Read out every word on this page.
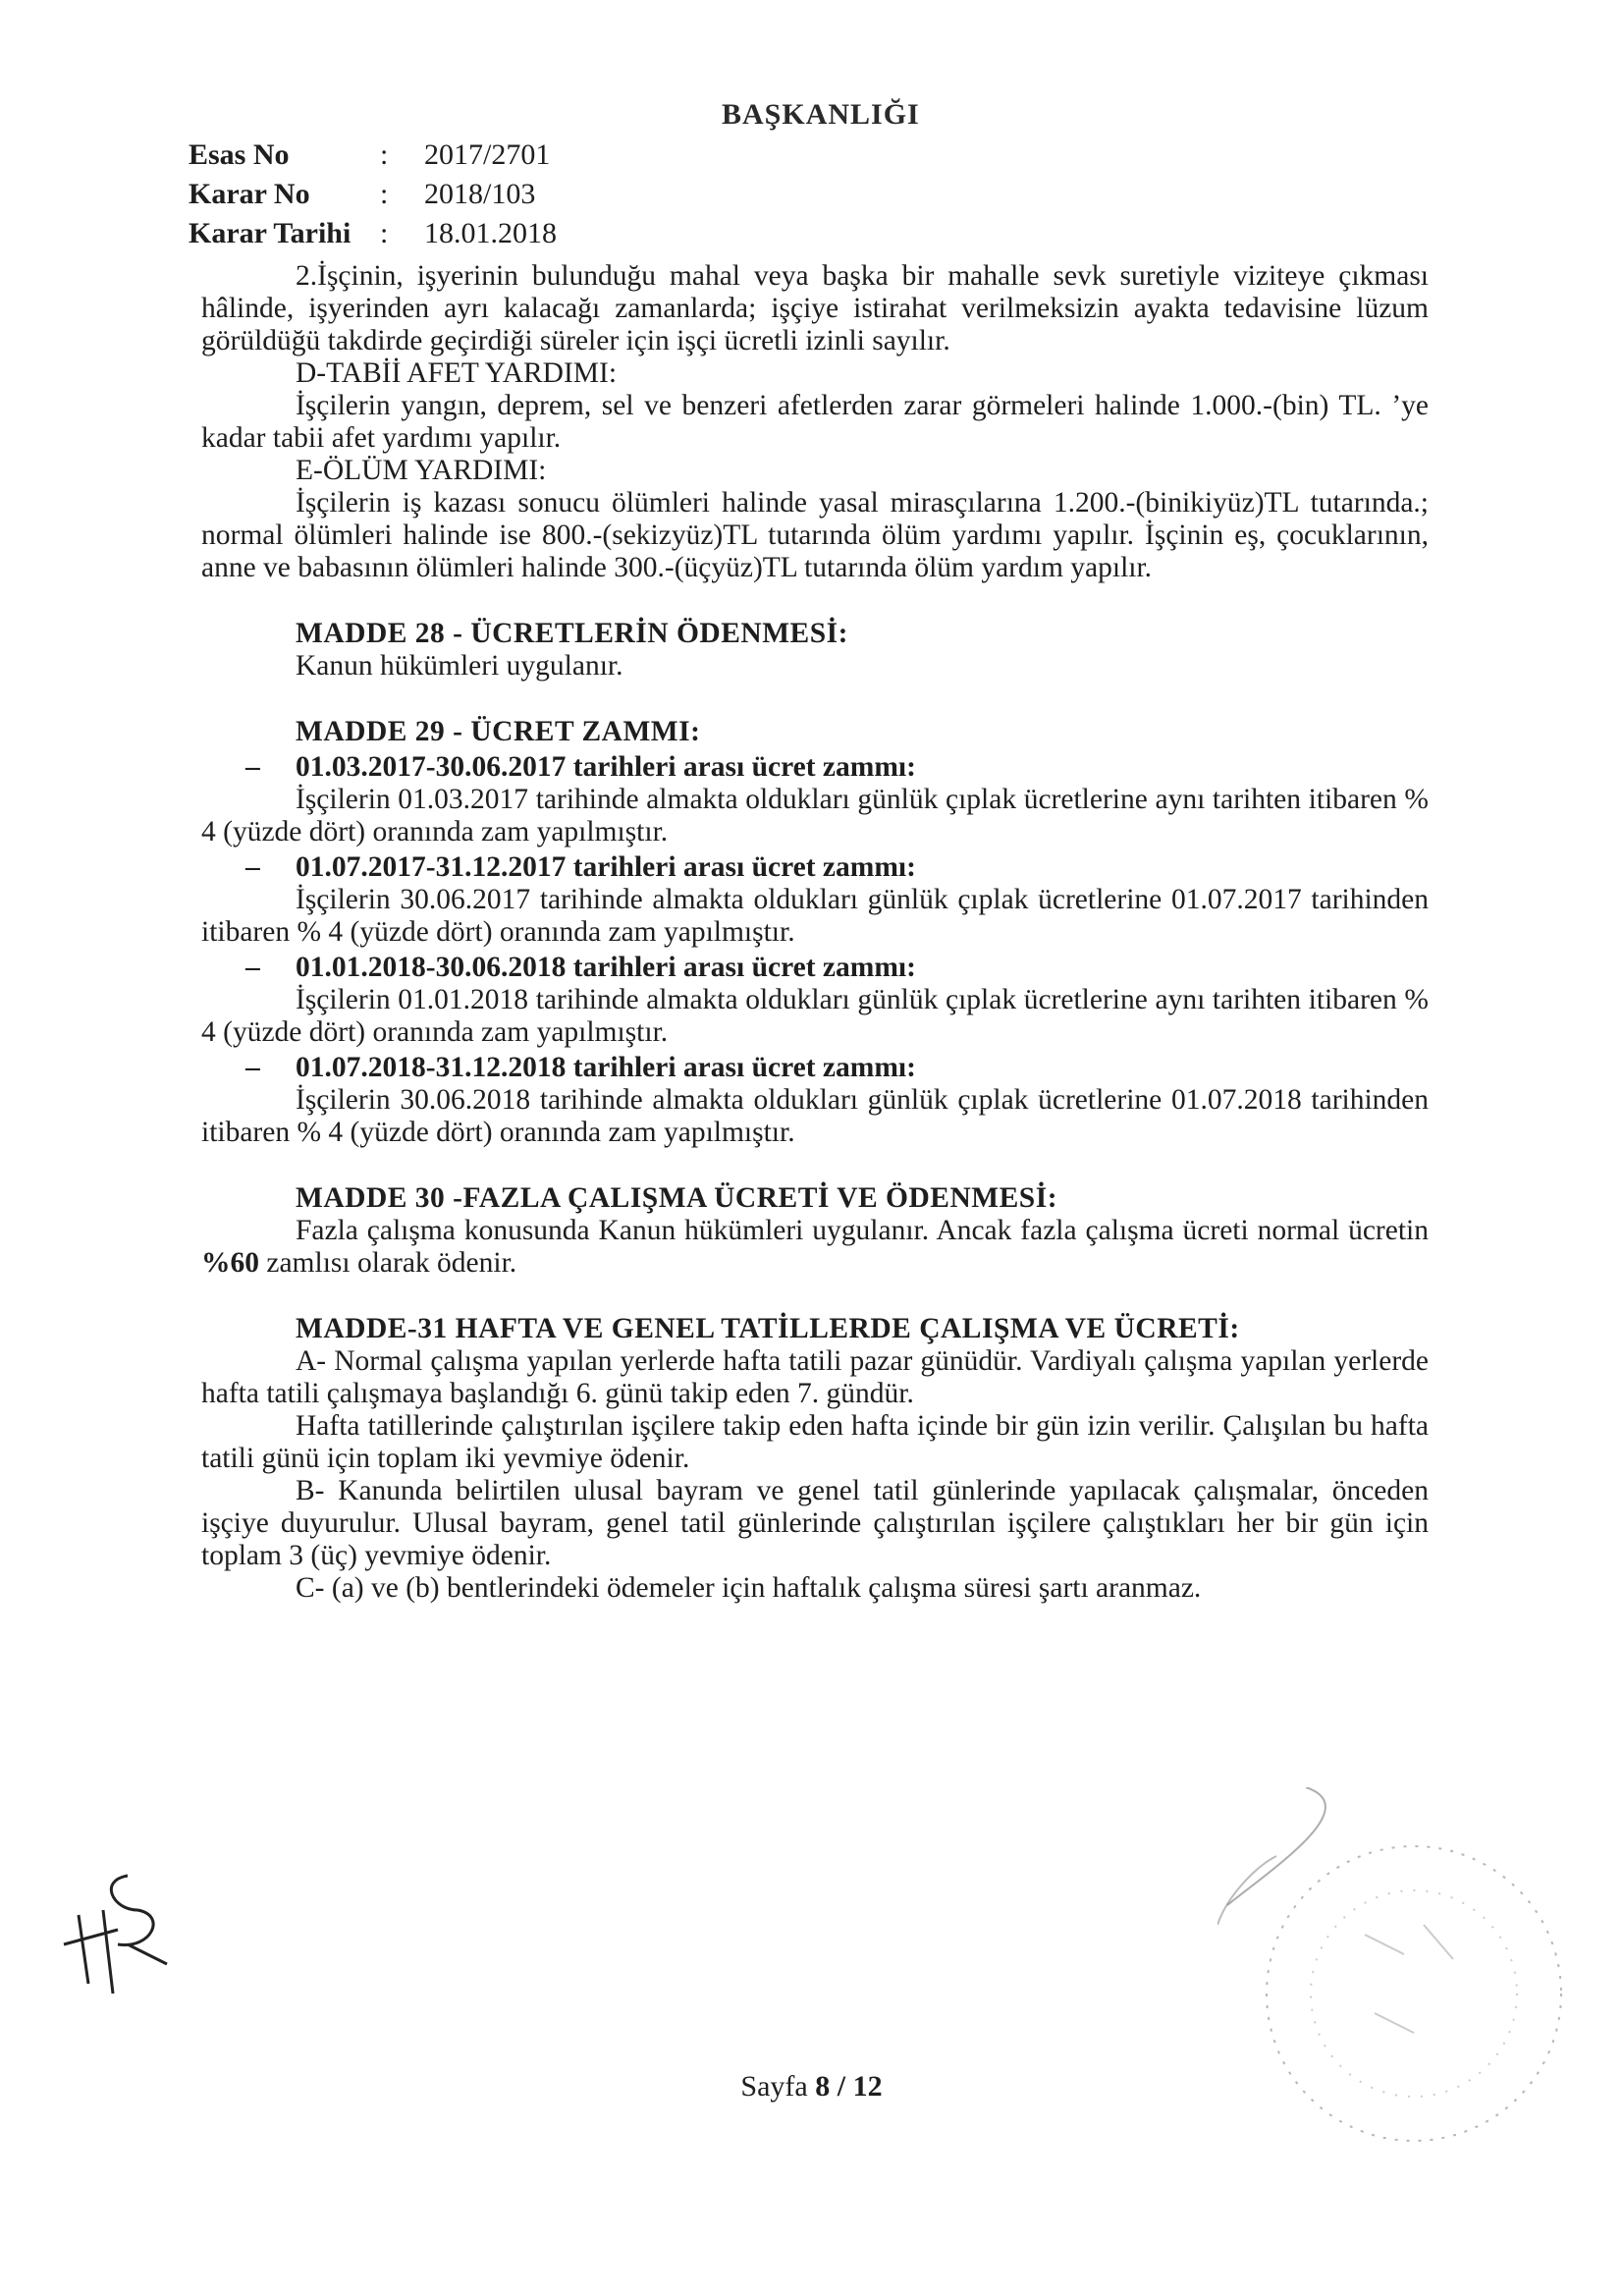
BAŞKANLIĞI
Esas No	:	2017/2701
Karar No	:	2018/103
Karar Tarihi :	18.01.2018

2.İşçinin, işyerinin bulunduğu mahal veya başka bir mahalle sevk suretiyle viziteye çıkması hâlinde, işyerinden ayrı kalacağı zamanlarda; işçiye istirahat verilmeksizin ayakta tedavisine lüzum görüldüğü takdirde geçirdiği süreler için işçi ücretli izinli sayılır.

D-TABİİ AFET YARDIMI:

İşçilerin yangın, deprem, sel ve benzeri afetlerden zarar görmeleri halinde 1.000.-(bin) TL. ’ye kadar tabii afet yardımı yapılır.

E-ÖLÜM YARDIMI:

İşçilerin iş kazası sonucu ölümleri halinde yasal mirasçılarına 1.200.-(binikiyüz)TL tutarında.; normal ölümleri halinde ise 800.-(sekizyüz)TL tutarında ölüm yardımı yapılır. İşçinin eş, çocuklarının, anne ve babasının ölümleri halinde 300.-(üçyüz)TL tutarında ölüm yardım yapılır.

MADDE 28 - ÜCRETLERİN ÖDENMESİ:

Kanun hükümleri uygulanır.

MADDE 29 - ÜCRET ZAMMI:

– 01.03.2017-30.06.2017 tarihleri arası ücret zammı:

İşçilerin 01.03.2017 tarihinde almakta oldukları günlük çıplak ücretlerine aynı tarihten itibaren % 4 (yüzde dört) oranında zam yapılmıştır.

– 01.07.2017-31.12.2017 tarihleri arası ücret zammı:

İşçilerin 30.06.2017 tarihinde almakta oldukları günlük çıplak ücretlerine 01.07.2017 tarihinden itibaren % 4 (yüzde dört) oranında zam yapılmıştır.

– 01.01.2018-30.06.2018 tarihleri arası ücret zammı:

İşçilerin 01.01.2018 tarihinde almakta oldukları günlük çıplak ücretlerine aynı tarihten itibaren % 4 (yüzde dört) oranında zam yapılmıştır.

– 01.07.2018-31.12.2018 tarihleri arası ücret zammı:

İşçilerin 30.06.2018 tarihinde almakta oldukları günlük çıplak ücretlerine 01.07.2018 tarihinden itibaren % 4 (yüzde dört) oranında zam yapılmıştır.

MADDE 30 -FAZLA ÇALIŞMA ÜCRETİ VE ÖDENMESİ:

Fazla çalışma konusunda Kanun hükümleri uygulanır. Ancak fazla çalışma ücreti normal ücretin %60 zamlısı olarak ödenir.

MADDE-31 HAFTA VE GENEL TATİLLERDE ÇALIŞMA VE ÜCRETİ:

A- Normal çalışma yapılan yerlerde hafta tatili pazar günüdür. Vardiyalı çalışma yapılan yerlerde hafta tatili çalışmaya başlandığı 6. günü takip eden 7. gündür.

Hafta tatillerinde çalıştırılan işçilere takip eden hafta içinde bir gün izin verilir. Çalışılan bu hafta tatili günü için toplam iki yevmiye ödenir.

B- Kanunda belirtilen ulusal bayram ve genel tatil günlerinde yapılacak çalışmalar, önceden işçiye duyurulur. Ulusal bayram, genel tatil günlerinde çalıştırılan işçilere çalıştıkları her bir gün için toplam 3 (üç) yevmiye ödenir.

C- (a) ve (b) bentlerindeki ödemeler için haftalık çalışma süresi şartı aranmaz.

Sayfa 8 / 12
